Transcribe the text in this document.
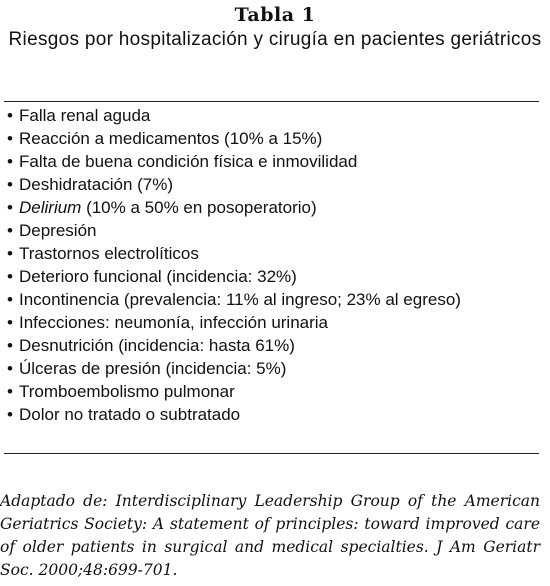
Tabla 1
Riesgos por hospitalización y cirugía en pacientes geriátricos
• Falla renal aguda
• Reacción a medicamentos (10% a 15%)
• Falta de buena condición física e inmovilidad
• Deshidratación (7%)
• Delirium (10% a 50% en posoperatorio)
• Depresión
• Trastornos electrolíticos
• Deterioro funcional (incidencia: 32%)
• Incontinencia (prevalencia: 11% al ingreso; 23% al egreso)
• Infecciones: neumonía, infección urinaria
• Desnutrición (incidencia: hasta 61%)
• Úlceras de presión (incidencia: 5%)
• Tromboembolismo pulmonar
• Dolor no tratado o subtratado

Adaptado de: Interdisciplinary Leadership Group of the American Geriatrics Society: A statement of principles: toward improved care of older patients in surgical and medical specialties. J Am Geriatr Soc. 2000;48:699-701.
